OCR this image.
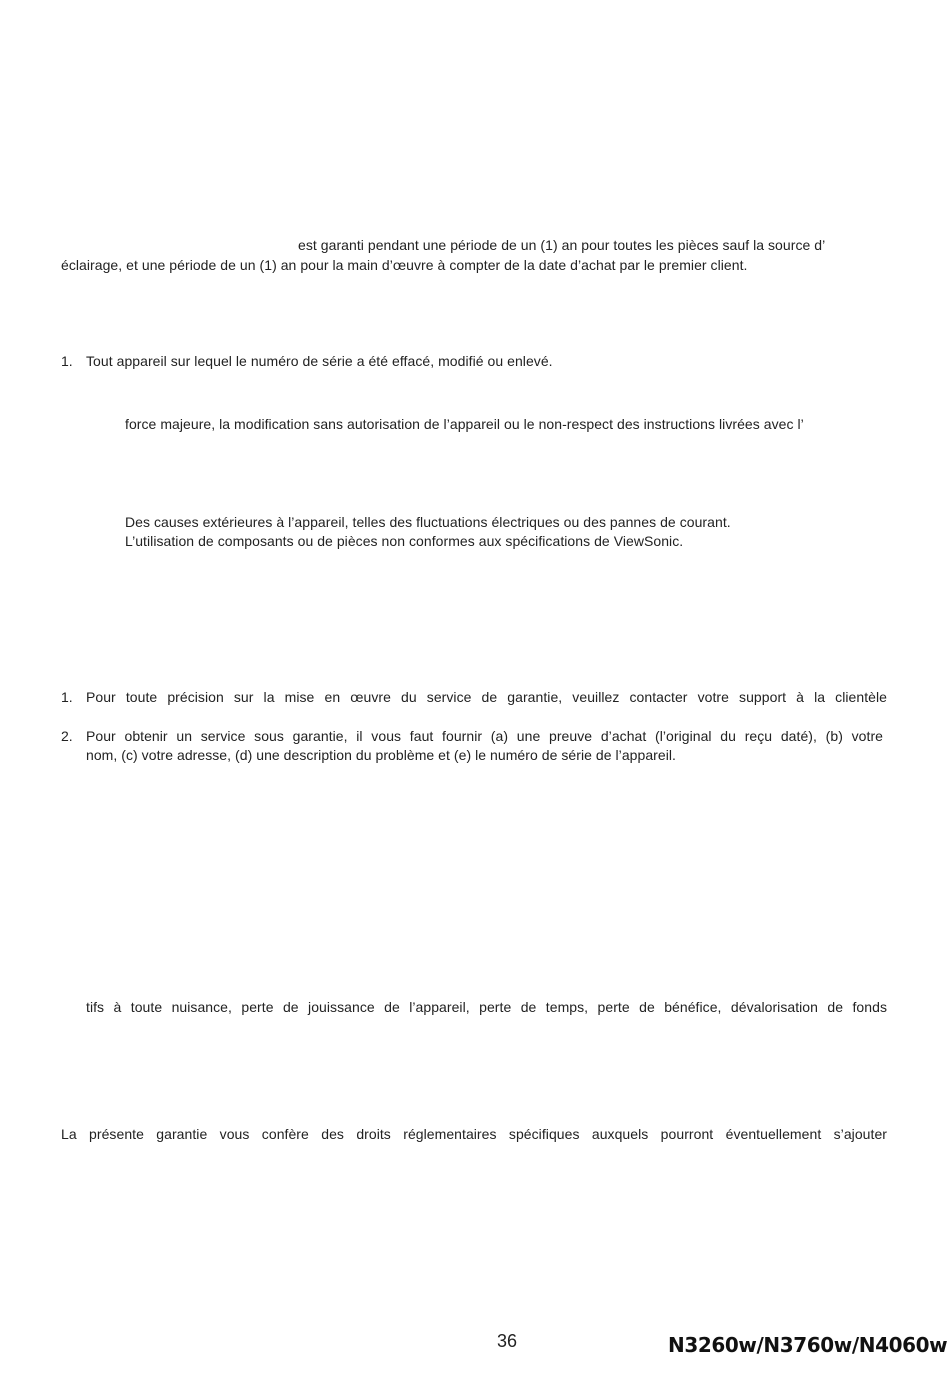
est garanti pendant une période de un (1) an pour toutes les pièces sauf la source d’
éclairage, et une période de un (1) an pour la main d’œuvre à compter de la date d’achat par le premier client.
1. Tout appareil sur lequel le numéro de série a été effacé, modifié ou enlevé.
force majeure, la modification sans autorisation de l’appareil ou le non-respect des instructions livrées avec l’
Des causes extérieures à l’appareil, telles des fluctuations électriques ou des pannes de courant.
L’utilisation de composants ou de pièces non conformes aux spécifications de ViewSonic.
1. Pour toute précision sur la mise en œuvre du service de garantie, veuillez contacter votre support à la clientèle
2. Pour obtenir un service sous garantie, il vous faut fournir (a) une preuve d’achat (l’original du reçu daté), (b) votre
nom, (c) votre adresse, (d) une description du problème et (e) le numéro de série de l’appareil.
tifs à toute nuisance, perte de jouissance de l’appareil, perte de temps, perte de bénéfice, dévalorisation de fonds
La présente garantie vous confère des droits réglementaires spécifiques auxquels pourront éventuellement s’ajouter
36	N3260w/N3760w/N4060w
